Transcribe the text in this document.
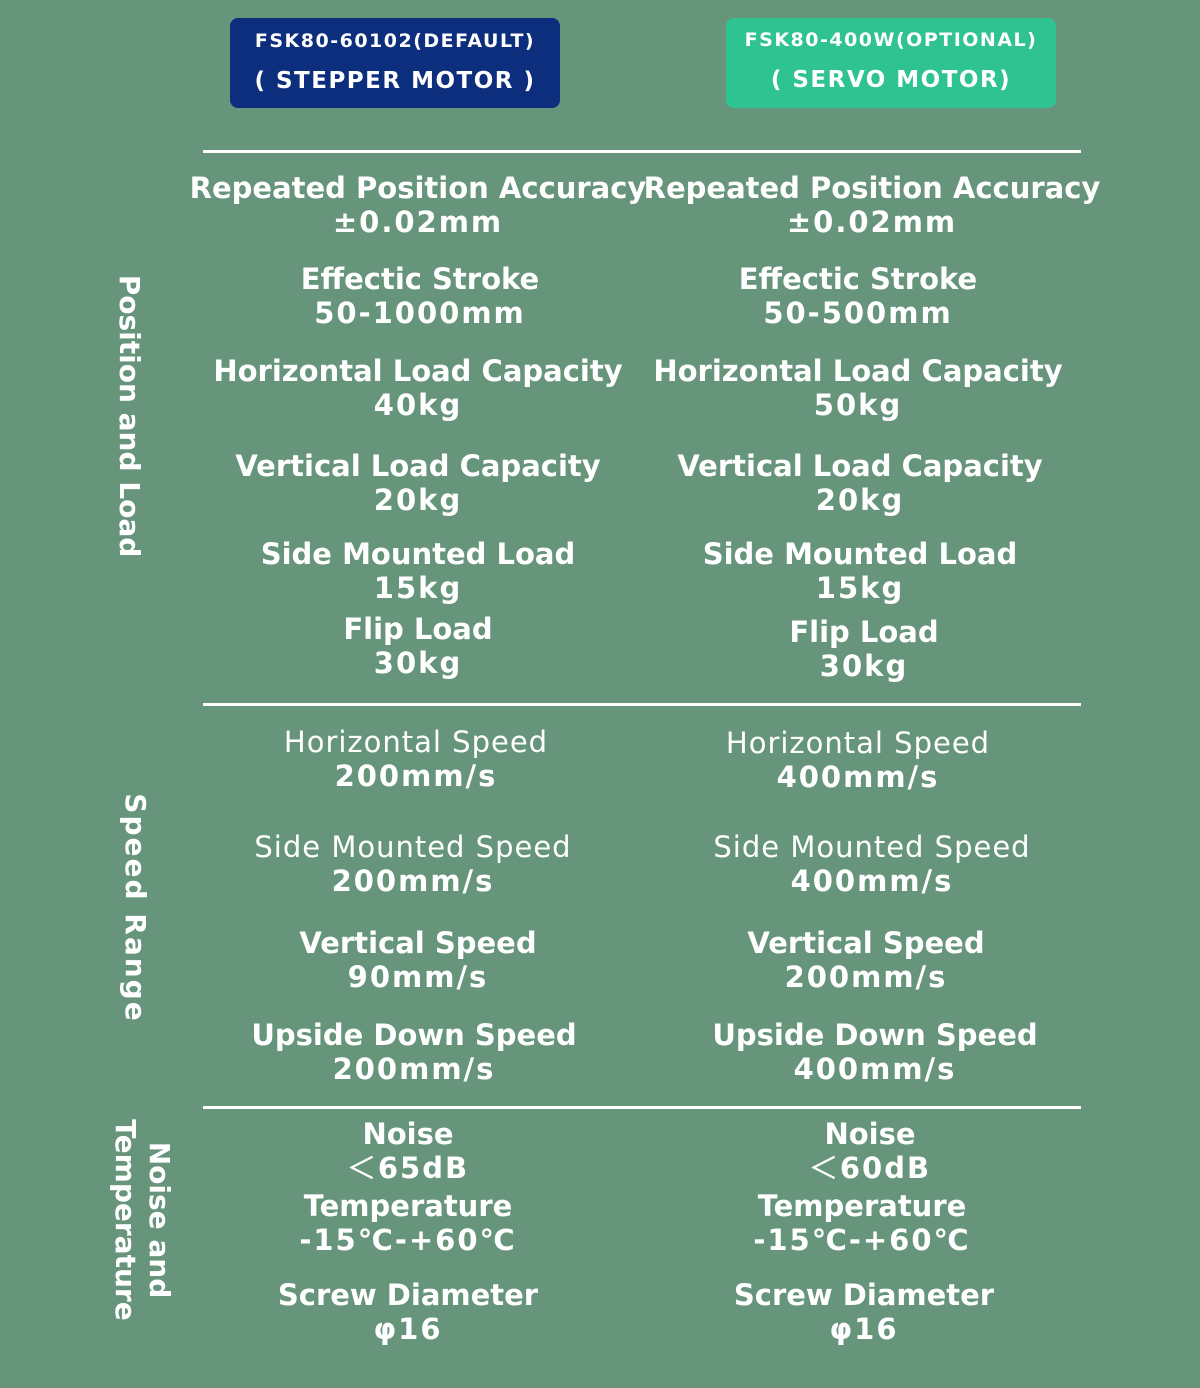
FSK80-60102(DEFAULT)
( STEPPER MOTOR )
FSK80-400W(OPTIONAL)
( SERVO MOTOR)
Position and Load
Speed Range
Noise and
Temperature
Repeated Position Accuracy
±0.02mm
Effectic Stroke
50-1000mm
Horizontal Load Capacity
40kg
Vertical Load Capacity
20kg
Side Mounted Load
15kg
Flip Load
30kg
Repeated Position Accuracy
±0.02mm
Effectic Stroke
50-500mm
Horizontal Load Capacity
50kg
Vertical Load Capacity
20kg
Side Mounted Load
15kg
Flip Load
30kg
Horizontal Speed
200mm/s
Side Mounted Speed
200mm/s
Vertical Speed
90mm/s
Upside Down Speed
200mm/s
Horizontal Speed
400mm/s
Side Mounted Speed
400mm/s
Vertical Speed
200mm/s
Upside Down Speed
400mm/s
Noise
＜65dB
Temperature
-15℃-+60℃
Screw Diameter
φ16
Noise
＜60dB
Temperature
-15℃-+60℃
Screw Diameter
φ16
